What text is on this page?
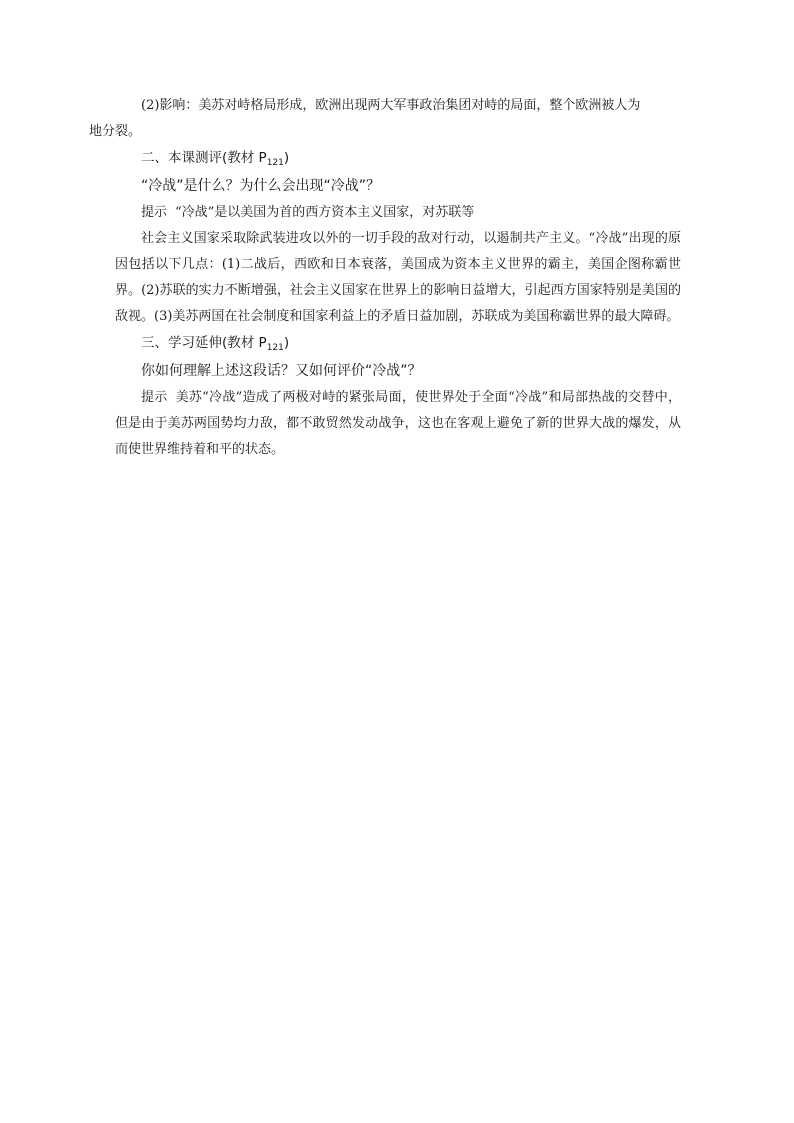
(2)影响：美苏对峙格局形成，欧洲出现两大军事政治集团对峙的局面，整个欧洲被人为
地分裂。

二、本课测评(教材 $P_{121}$)

“冷战”是什么？为什么会出现“冷战”？

提示 “冷战”是以美国为首的西方资本主义国家，对苏联等

社会主义国家采取除武装进攻以外的一切手段的敌对行动，以遏制共产主义。“冷战”出现的原因包括以下几点：(1)二战后，西欧和日本衰落，美国成为资本主义世界的霸主，美国企图称霸世界。(2)苏联的实力不断增强，社会主义国家在世界上的影响日益增大，引起西方国家特别是美国的敌视。(3)美苏两国在社会制度和国家利益上的矛盾日益加剧，苏联成为美国称霸世界的最大障碍。

三、学习延伸(教材 $P_{121}$)

你如何理解上述这段话？又如何评价“冷战”？

提示 美苏“冷战”造成了两极对峙的紧张局面，使世界处于全面“冷战”和局部热战的交替中，但是由于美苏两国势均力敌，都不敢贸然发动战争，这也在客观上避免了新的世界大战的爆发，从而使世界维持着和平的状态。
